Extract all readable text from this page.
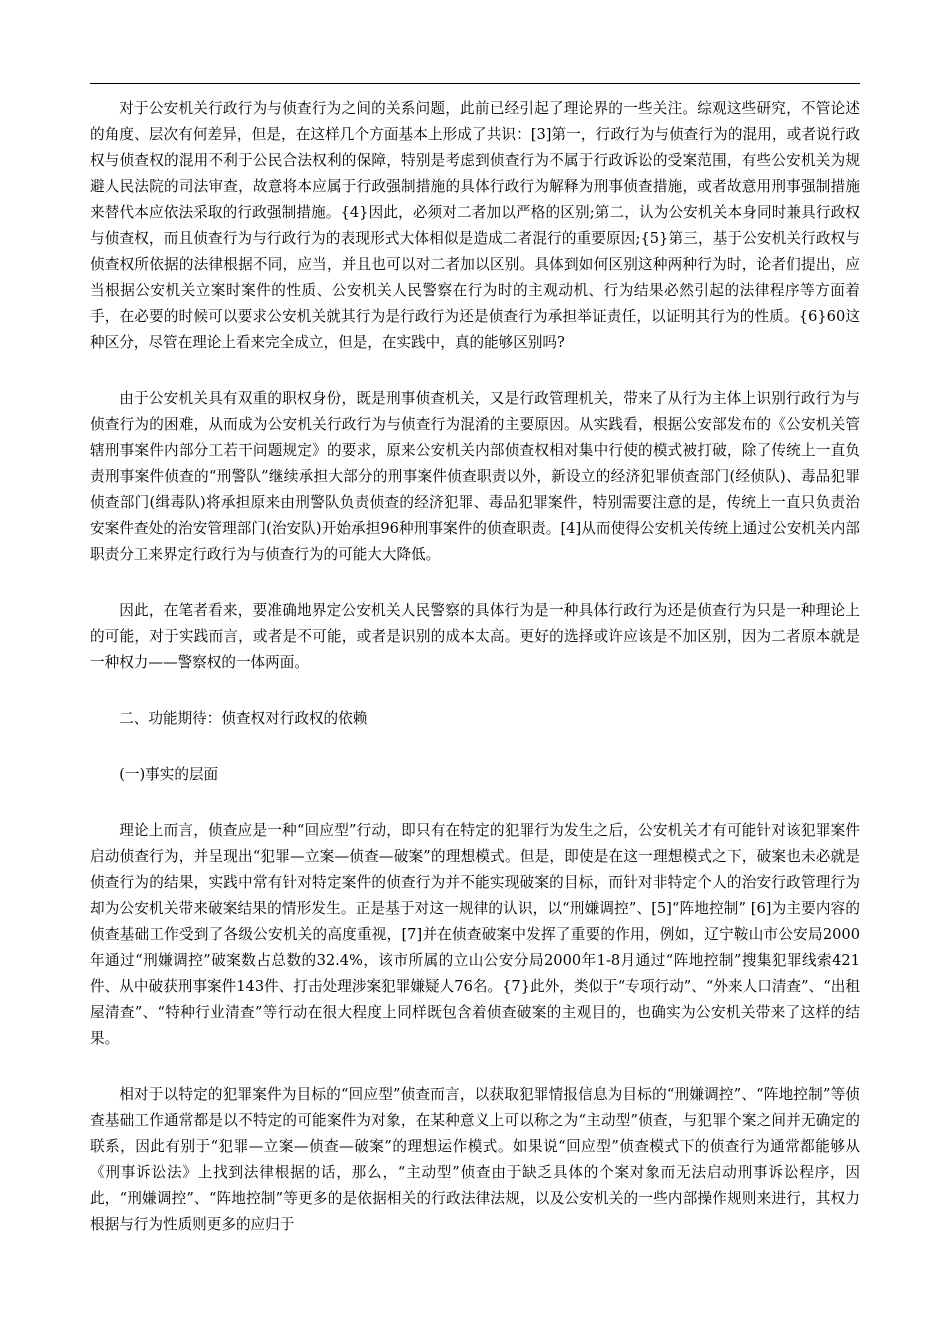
对于公安机关行政行为与侦查行为之间的关系问题，此前已经引起了理论界的一些关注。综观这些研究，不管论述的角度、层次有何差异，但是，在这样几个方面基本上形成了共识：[3]第一，行政行为与侦查行为的混用，或者说行政权与侦查权的混用不利于公民合法权利的保障，特别是考虑到侦查行为不属于行政诉讼的受案范围，有些公安机关为规避人民法院的司法审查，故意将本应属于行政强制措施的具体行政行为解释为刑事侦查措施，或者故意用刑事强制措施来替代本应依法采取的行政强制措施。{4}因此，必须对二者加以严格的区别;第二，认为公安机关本身同时兼具行政权与侦查权，而且侦查行为与行政行为的表现形式大体相似是造成二者混行的重要原因;{5}第三，基于公安机关行政权与侦查权所依据的法律根据不同，应当，并且也可以对二者加以区别。具体到如何区别这种两种行为时，论者们提出，应当根据公安机关立案时案件的性质、公安机关人民警察在行为时的主观动机、行为结果必然引起的法律程序等方面着手，在必要的时候可以要求公安机关就其行为是行政行为还是侦查行为承担举证责任，以证明其行为的性质。{6}60这种区分，尽管在理论上看来完全成立，但是，在实践中，真的能够区别吗?

由于公安机关具有双重的职权身份，既是刑事侦查机关，又是行政管理机关，带来了从行为主体上识别行政行为与侦查行为的困难，从而成为公安机关行政行为与侦查行为混淆的主要原因。从实践看，根据公安部发布的《公安机关管辖刑事案件内部分工若干问题规定》的要求，原来公安机关内部侦查权相对集中行使的模式被打破，除了传统上一直负责刑事案件侦查的“刑警队”继续承担大部分的刑事案件侦查职责以外，新设立的经济犯罪侦查部门(经侦队)、毒品犯罪侦查部门(缉毒队)将承担原来由刑警队负责侦查的经济犯罪、毒品犯罪案件，特别需要注意的是，传统上一直只负责治安案件查处的治安管理部门(治安队)开始承担96种刑事案件的侦查职责。[4]从而使得公安机关传统上通过公安机关内部职责分工来界定行政行为与侦查行为的可能大大降低。

因此，在笔者看来，要准确地界定公安机关人民警察的具体行为是一种具体行政行为还是侦查行为只是一种理论上的可能，对于实践而言，或者是不可能，或者是识别的成本太高。更好的选择或许应该是不加区别，因为二者原本就是一种权力——警察权的一体两面。

二、功能期待：侦查权对行政权的依赖

(一)事实的层面

理论上而言，侦查应是一种“回应型”行动，即只有在特定的犯罪行为发生之后，公安机关才有可能针对该犯罪案件启动侦查行为，并呈现出“犯罪—立案—侦查—破案”的理想模式。但是，即使是在这一理想模式之下，破案也未必就是侦查行为的结果，实践中常有针对特定案件的侦查行为并不能实现破案的目标，而针对非特定个人的治安行政管理行为却为公安机关带来破案结果的情形发生。正是基于对这一规律的认识，以“刑嫌调控”、[5]“阵地控制” [6]为主要内容的侦查基础工作受到了各级公安机关的高度重视，[7]并在侦查破案中发挥了重要的作用，例如，辽宁鞍山市公安局2000年通过“刑嫌调控”破案数占总数的32.4%，该市所属的立山公安分局2000年1-8月通过“阵地控制”搜集犯罪线索421件、从中破获刑事案件143件、打击处理涉案犯罪嫌疑人76名。{7}此外，类似于“专项行动”、“外来人口清查”、“出租屋清查”、“特种行业清查”等行动在很大程度上同样既包含着侦查破案的主观目的，也确实为公安机关带来了这样的结果。

相对于以特定的犯罪案件为目标的“回应型”侦查而言，以获取犯罪情报信息为目标的“刑嫌调控”、“阵地控制”等侦查基础工作通常都是以不特定的可能案件为对象，在某种意义上可以称之为“主动型”侦查，与犯罪个案之间并无确定的联系，因此有别于“犯罪—立案—侦查—破案”的理想运作模式。如果说“回应型”侦查模式下的侦查行为通常都能够从《刑事诉讼法》上找到法律根据的话，那么，“主动型”侦查由于缺乏具体的个案对象而无法启动刑事诉讼程序，因此，“刑嫌调控”、“阵地控制”等更多的是依据相关的行政法律法规，以及公安机关的一些内部操作规则来进行，其权力根据与行为性质则更多的应归于
